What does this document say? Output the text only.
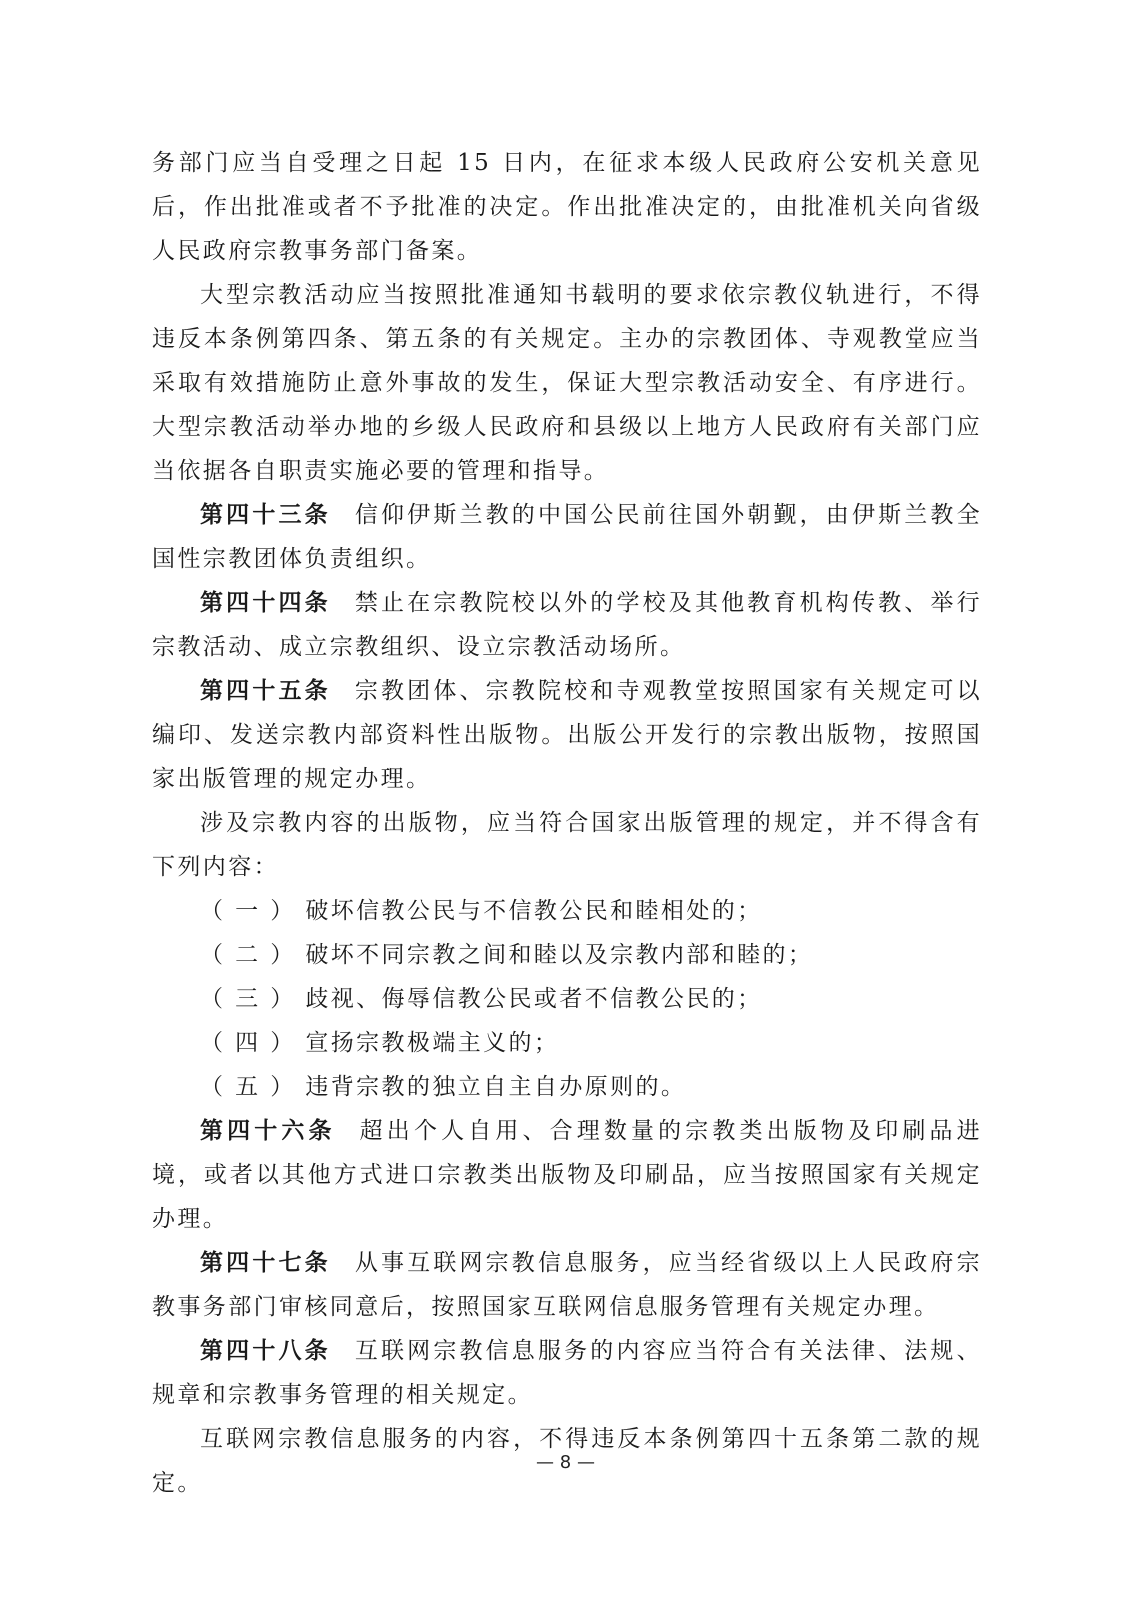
务部门应当自受理之日起 15 日内，在征求本级人民政府公安机关意见后，作出批准或者不予批准的决定。作出批准决定的，由批准机关向省级人民政府宗教事务部门备案。

大型宗教活动应当按照批准通知书载明的要求依宗教仪轨进行，不得违反本条例第四条、第五条的有关规定。主办的宗教团体、寺观教堂应当采取有效措施防止意外事故的发生，保证大型宗教活动安全、有序进行。大型宗教活动举办地的乡级人民政府和县级以上地方人民政府有关部门应当依据各自职责实施必要的管理和指导。

第四十三条 信仰伊斯兰教的中国公民前往国外朝觐，由伊斯兰教全国性宗教团体负责组织。

第四十四条 禁止在宗教院校以外的学校及其他教育机构传教、举行宗教活动、成立宗教组织、设立宗教活动场所。

第四十五条 宗教团体、宗教院校和寺观教堂按照国家有关规定可以编印、发送宗教内部资料性出版物。出版公开发行的宗教出版物，按照国家出版管理的规定办理。

涉及宗教内容的出版物，应当符合国家出版管理的规定，并不得含有下列内容：

（ 一 ） 破坏信教公民与不信教公民和睦相处的；

（ 二 ） 破坏不同宗教之间和睦以及宗教内部和睦的；

（ 三 ） 歧视、侮辱信教公民或者不信教公民的；

（ 四 ） 宣扬宗教极端主义的；

（ 五 ） 违背宗教的独立自主自办原则的。

第四十六条 超出个人自用、合理数量的宗教类出版物及印刷品进境，或者以其他方式进口宗教类出版物及印刷品，应当按照国家有关规定办理。

第四十七条 从事互联网宗教信息服务，应当经省级以上人民政府宗教事务部门审核同意后，按照国家互联网信息服务管理有关规定办理。

第四十八条 互联网宗教信息服务的内容应当符合有关法律、法规、规章和宗教事务管理的相关规定。

互联网宗教信息服务的内容，不得违反本条例第四十五条第二款的规定。

— 8 —
